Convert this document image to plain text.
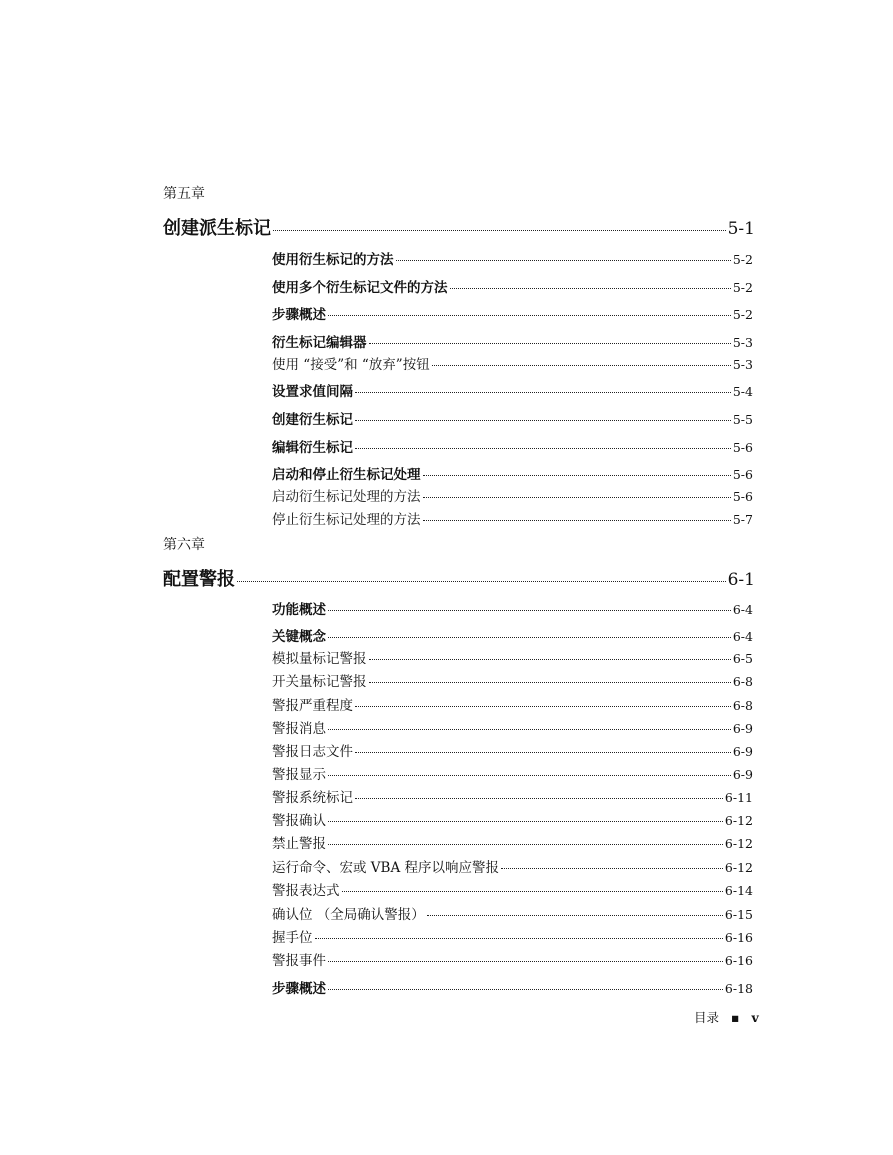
第五章
创建派生标记	5-1
使用衍生标记的方法	5-2
使用多个衍生标记文件的方法	5-2
步骤概述	5-2
衍生标记编辑器	5-3
使用 “接受”和 “放弃”按钮	5-3
设置求值间隔	5-4
创建衍生标记	5-5
编辑衍生标记	5-6
启动和停止衍生标记处理	5-6
启动衍生标记处理的方法	5-6
停止衍生标记处理的方法	5-7
第六章
配置警报	6-1
功能概述	6-4
关键概念	6-4
模拟量标记警报	6-5
开关量标记警报	6-8
警报严重程度	6-8
警报消息	6-9
警报日志文件	6-9
警报显示	6-9
警报系统标记	6-11
警报确认	6-12
禁止警报	6-12
运行命令、宏或 VBA 程序以响应警报	6-12
警报表达式	6-14
确认位 （全局确认警报）	6-15
握手位	6-16
警报事件	6-16
步骤概述	6-18
目录 ▪ v
